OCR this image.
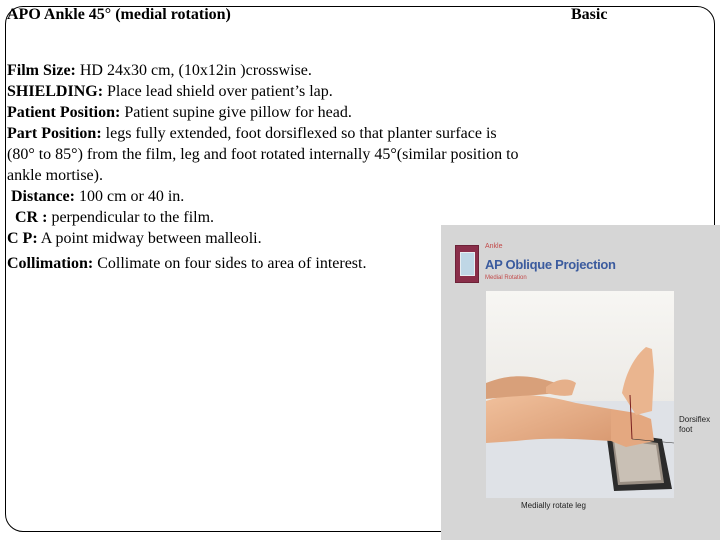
APO Ankle 45° (medial rotation)	Basic
Film Size: HD 24x30 cm, (10x12in )crosswise.
SHIELDING: Place lead shield over patient’s lap.
Patient Position: Patient supine give pillow for head.
Part Position: legs fully extended, foot dorsiflexed so that planter surface is
(80° to 85°) from the film, leg and foot rotated internally 45°(similar position to
ankle mortise).
Distance: 100 cm or 40 in.
CR : perpendicular to the film.
C P: A point midway between malleoli.
Collimation: Collimate on four sides to area of interest.
Ankle
AP Oblique Projection
Medial Rotation
Dorsiflex foot
Medially rotate leg
